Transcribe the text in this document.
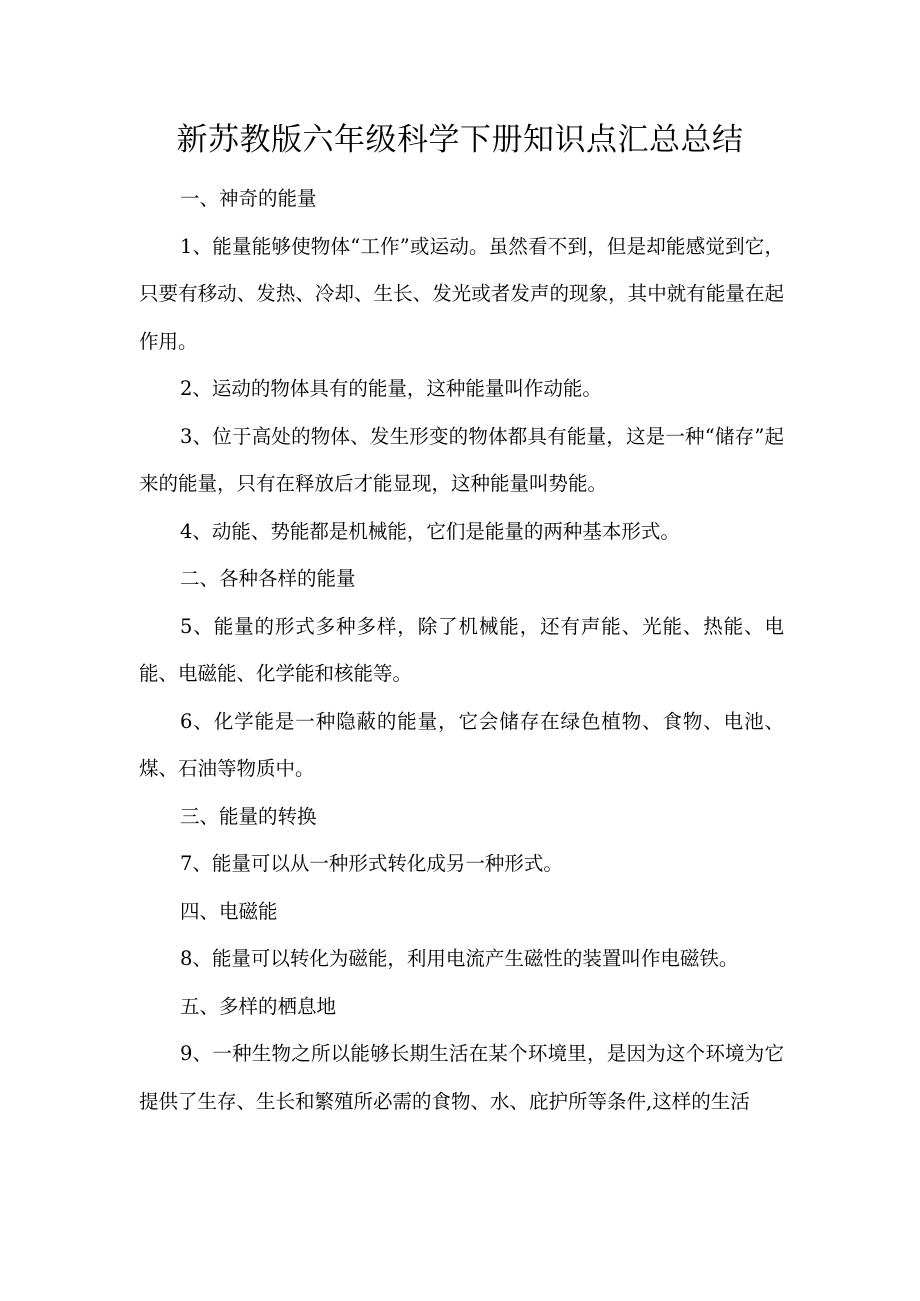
新苏教版六年级科学下册知识点汇总总结

一、神奇的能量

1、能量能够使物体“工作”或运动。虽然看不到，但是却能感觉到它，只要有移动、发热、冷却、生长、发光或者发声的现象，其中就有能量在起作用。

2、运动的物体具有的能量，这种能量叫作动能。

3、位于高处的物体、发生形变的物体都具有能量，这是一种“储存”起来的能量，只有在释放后才能显现，这种能量叫势能。

4、动能、势能都是机械能，它们是能量的两种基本形式。

二、各种各样的能量

5、能量的形式多种多样，除了机械能，还有声能、光能、热能、电能、电磁能、化学能和核能等。

6、化学能是一种隐蔽的能量，它会储存在绿色植物、食物、电池、煤、石油等物质中。

三、能量的转换

7、能量可以从一种形式转化成另一种形式。

四、电磁能

8、能量可以转化为磁能，利用电流产生磁性的装置叫作电磁铁。

五、多样的栖息地

9、一种生物之所以能够长期生活在某个环境里，是因为这个环境为它提供了生存、生长和繁殖所必需的食物、水、庇护所等条件,这样的生活
